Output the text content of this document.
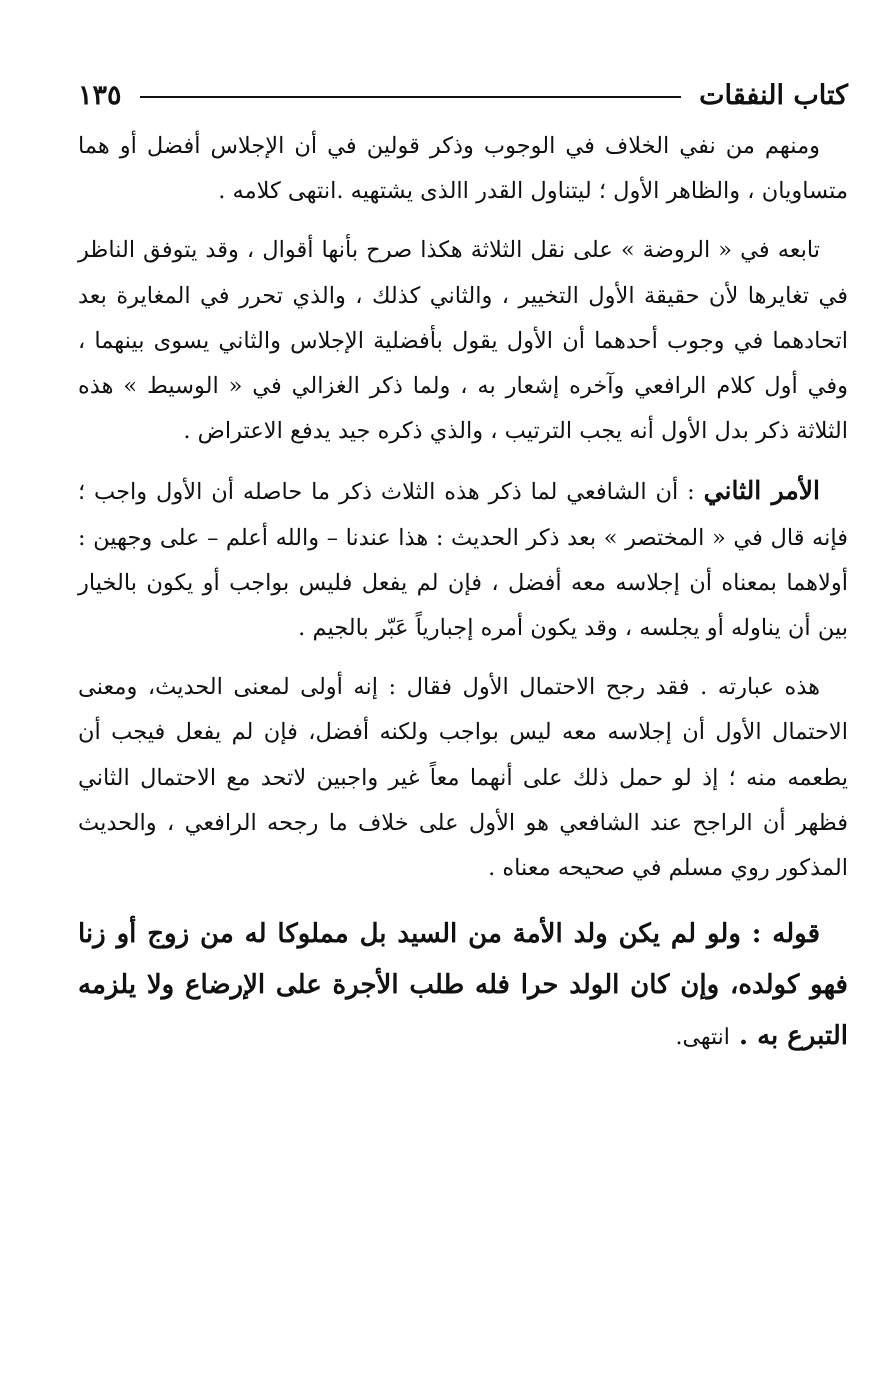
كتاب النفقات
١٣٥

ومنهم من نفي الخلاف في الوجوب وذكر قولين في أن الإجلاس أفضل أو هما متساويان ، والظاهر الأول ؛ ليتناول القدر االذى يشتهيه .انتهى كلامه .

تابعه في « الروضة » على نقل الثلاثة هكذا صرح بأنها أقوال ، وقد يتوفق الناظر في تغايرها لأن حقيقة الأول التخيير ، والثاني كذلك ، والذي تحرر في المغايرة بعد اتحادهما في وجوب أحدهما أن الأول يقول بأفضلية الإجلاس والثاني يسوى بينهما ، وفي أول كلام الرافعي وآخره إشعار به ، ولما ذكر الغزالي في « الوسيط » هذه الثلاثة ذكر بدل الأول أنه يجب الترتيب ، والذي ذكره جيد يدفع الاعتراض .

الأمر الثاني : أن الشافعي لما ذكر هذه الثلاث ذكر ما حاصله أن الأول واجب ؛ فإنه قال في « المختصر » بعد ذكر الحديث : هذا عندنا – والله أعلم – على وجهين : أولاهما بمعناه أن إجلاسه معه أفضل ، فإن لم يفعل فليس بواجب أو يكون بالخيار بين أن يناوله أو يجلسه ، وقد يكون أمره إجبارياً عَبّر بالجيم .

هذه عبارته . فقد رجح الاحتمال الأول فقال : إنه أولى لمعنى الحديث، ومعنى الاحتمال الأول أن إجلاسه معه ليس بواجب ولكنه أفضل، فإن لم يفعل فيجب أن يطعمه منه ؛ إذ لو حمل ذلك على أنهما معاً غير واجبين لاتحد مع الاحتمال الثاني فظهر أن الراجح عند الشافعي هو الأول على خلاف ما رجحه الرافعي ، والحديث المذكور روي مسلم في صحيحه معناه .

قوله : ولو لم يكن ولد الأمة من السيد بل مملوكا له من زوج أو زنا فهو كولده، وإن كان الولد حرا فله طلب الأجرة على الإرضاع ولا يلزمه التبرع به . انتهى.
